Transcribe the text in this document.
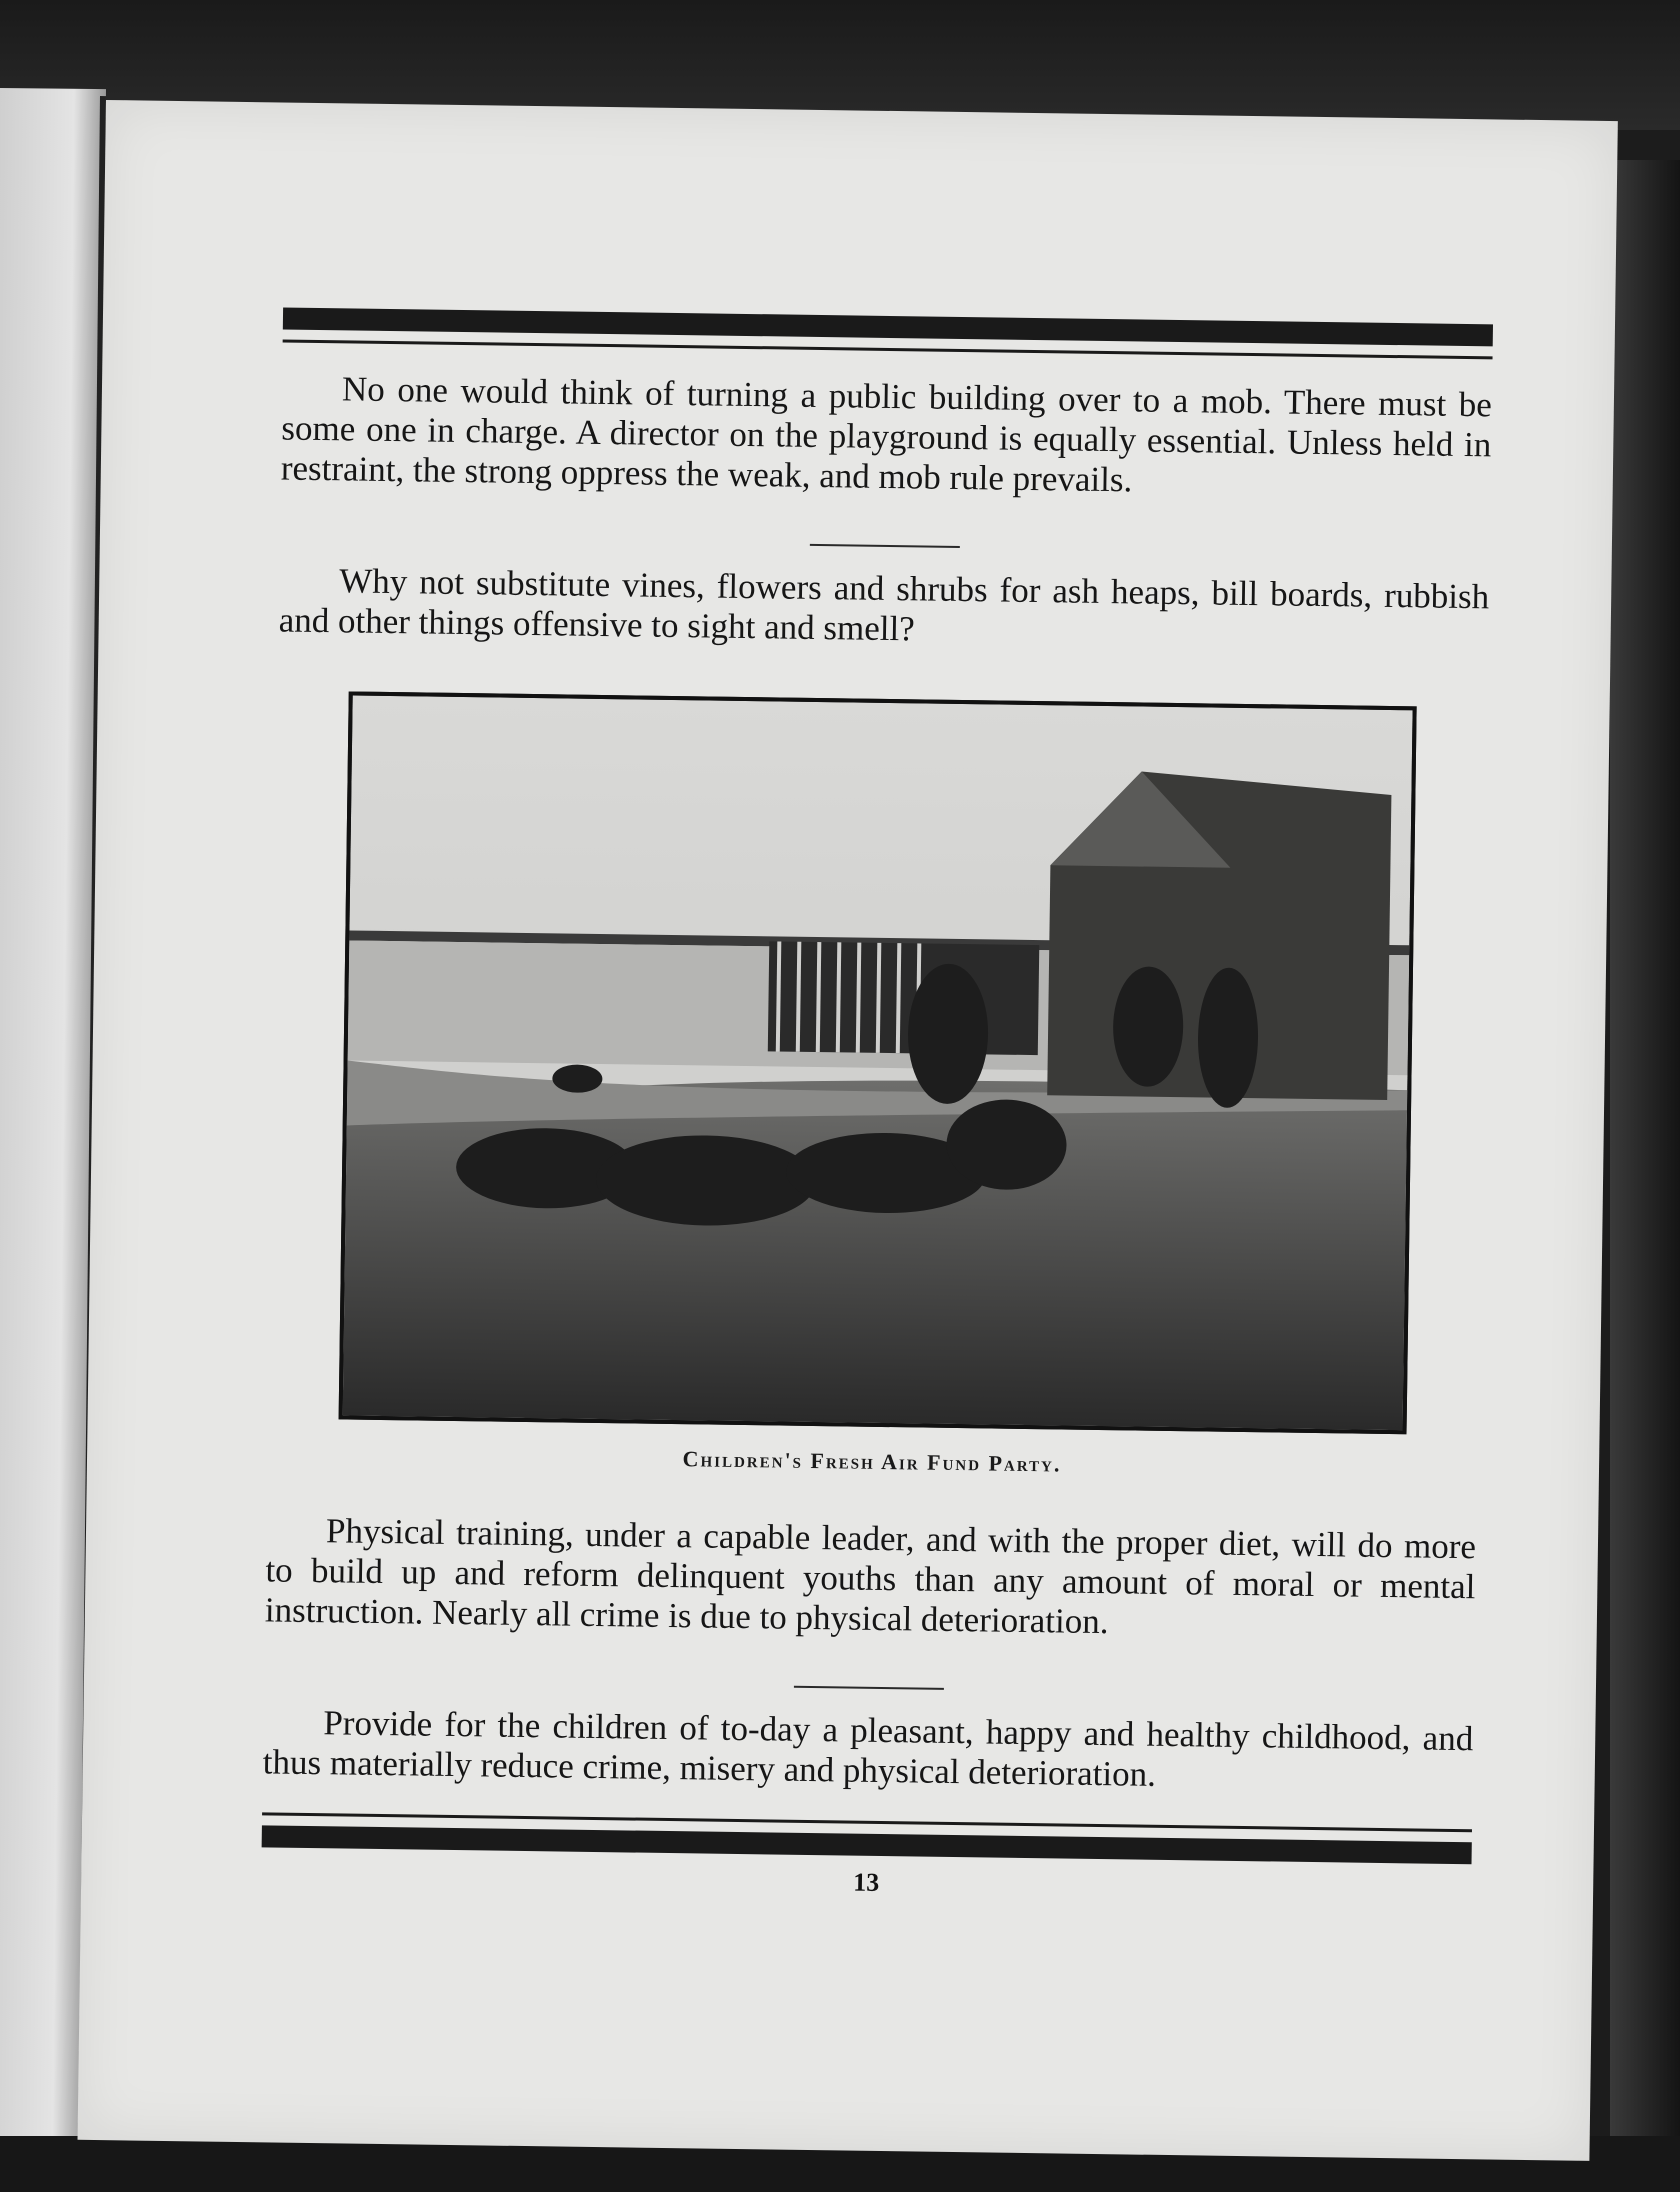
No one would think of turning a public building over to a mob. There must be some one in charge. A director on the playground is equally essential. Unless held in restraint, the strong oppress the weak, and mob rule prevails.

Why not substitute vines, flowers and shrubs for ash heaps, bill boards, rubbish and other things offensive to sight and smell?

Children's Fresh Air Fund Party.

Physical training, under a capable leader, and with the proper diet, will do more to build up and reform delinquent youths than any amount of moral or mental instruction. Nearly all crime is due to physical deterioration.

Provide for the children of to-day a pleasant, happy and healthy childhood, and thus materially reduce crime, misery and physical deterioration.

13
